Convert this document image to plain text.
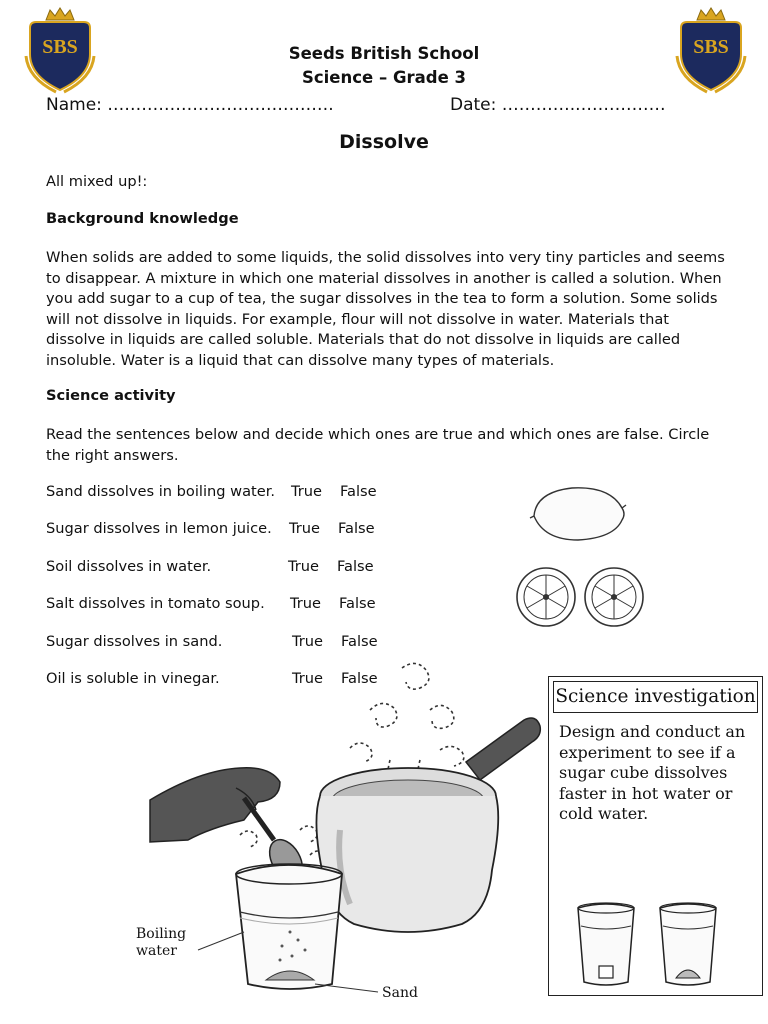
SBS	SBS
Seeds British School
Science – Grade 3
Name: ………………………………….	Date: …………..……………
Dissolve
All mixed up!:
Background knowledge
When solids are added to some liquids, the solid dissolves into very tiny particles and seems
to disappear. A mixture in which one material dissolves in another is called a solution. When
you add sugar to a cup of tea, the sugar dissolves in the tea to form a solution. Some solids
will not dissolve in liquids. For example, flour will not dissolve in water. Materials that
dissolve in liquids are called soluble. Materials that do not dissolve in liquids are called
insoluble. Water is a liquid that can dissolve many types of materials.
Science activity
Read the sentences below and decide which ones are true and which ones are false. Circle
the right answers.
Sand dissolves in boiling water. True False
Sugar dissolves in lemon juice. True False
Soil dissolves in water.	True False
Salt dissolves in tomato soup. True False
Sugar dissolves in sand.	True False
Oil is soluble in vinegar.	True False
Boiling
water
Sand
Science investigation
Design and conduct an
experiment to see if a
sugar cube dissolves
faster in hot water or
cold water.
